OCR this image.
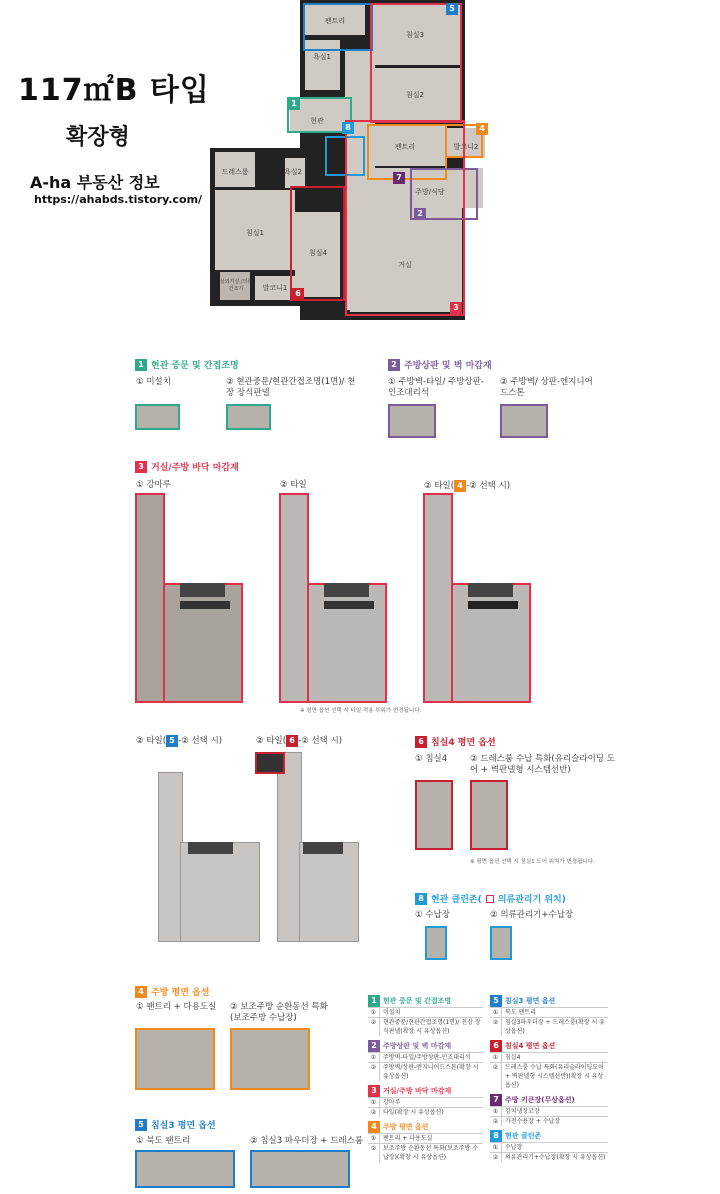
117㎡B 타입
확장형
A-ha 부동산 정보
https://ahabds.tistory.com/
팬트리
침실3
욕실1
침실2
현관
팬트리	발코니2
드레스룸	욕실2
주방/식당
침실1
침실4
거실
실외기실 /의류건조기	발코니1
5
1
8	4
7
2
6
3
1 현관 중문 및 간접조명
① 미설치	② 현관중문/현관간접조명(1면)/ 천장 장식판넬
2 주방상판 및 벽 마감재
① 주방벽-타일/ 주방상판-인조대리석
② 주방벽/ 상판-엔지니어드스톤
3 거실/주방 바닥 마감재
① 강마루	② 타일	② 타일( 4 -② 선택 시)
※ 평면 옵션 선택 시 타일 적용 부위가 변경됩니다.
② 타일( 5 -② 선택 시)	② 타일( 6 -② 선택 시)	6 침실4 평면 옵션
① 침실4	② 드레스룸 수납 특화(유리슬라이딩 도어 + 벽판넬형 시스템선반)
※ 평면 옵션 선택 시 침실1 도어 위치가 변경됩니다.
8 현관 클린존( 의류관리기 위치)
① 수납장	② 의류관리기+수납장
4 주방 평면 옵션
① 팬트리 + 다용도실 ② 보조주방 순환동선 특화 (보조주방 수납장)
5 침실3 평면 옵션
① 북도 팬트리	② 침실3 파우더장 + 드레스룸
1 현관 중문 및 간접조명
①	미설치
②	현관중문/현관간접조명(1면)/ 천장 장식판넬(확장 시 유상옵션)
2 주방상판 및 벽 마감재
①	주방벽-타일/주방상판-인조대리석
②	주방벽/상판-엔지니어드스톤(확장 시 유상옵션)
3 거실/주방 바닥 마감재
①	강마루
②	타일(확장 시 유상옵션)
4 주방 평면 옵션
①	팬트리 + 다용도실
②	보조주방 순환동선 특화(보조주방 수납장)(확장 시 유상옵션)
5 침실3 평면 옵션
①	북도 팬트리
②	침실3파우더장 + 드레스룸(확장 시 유상옵션)
6 침실4 평면 옵션
①	침실4
②	드레스룸 수납 특화(유리슬라이딩도어 + 벽판넬형 시스템선반)(확장 시 유상옵션)
7 주방 키큰장(무상옵션)
①	김치냉장고장
②	가전수용장 + 수납장
8 현관 클린존
①	수납장
②	의류관리기+수납장(확장 시 유상옵션)
